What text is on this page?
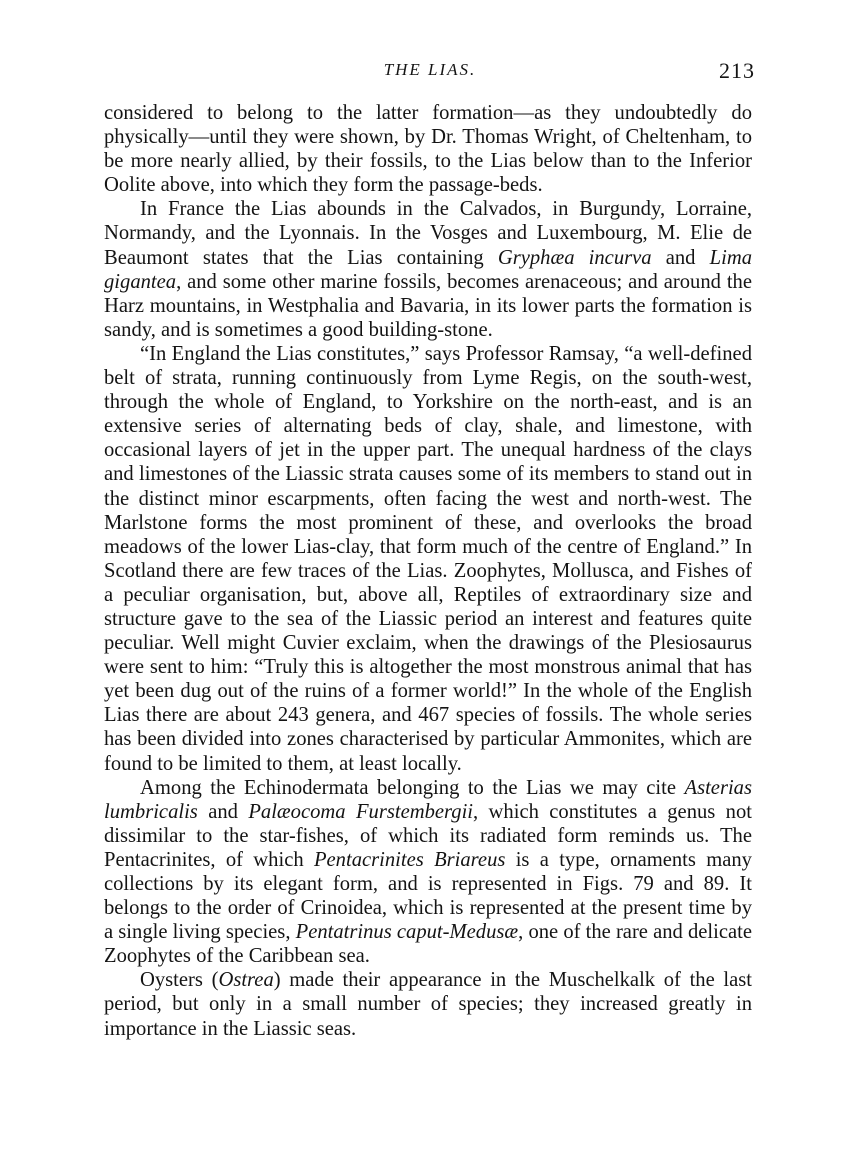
THE LIAS.	213

considered to belong to the latter formation—as they undoubtedly do physically—until they were shown, by Dr. Thomas Wright, of Cheltenham, to be more nearly allied, by their fossils, to the Lias below than to the Inferior Oolite above, into which they form the passage-beds.

In France the Lias abounds in the Calvados, in Burgundy, Lorraine, Normandy, and the Lyonnais. In the Vosges and Luxembourg, M. Elie de Beaumont states that the Lias containing Gryphæa incurva and Lima gigantea, and some other marine fossils, becomes arenaceous; and around the Harz mountains, in Westphalia and Bavaria, in its lower parts the formation is sandy, and is sometimes a good building-stone.

“In England the Lias constitutes,” says Professor Ramsay, “a well-defined belt of strata, running continuously from Lyme Regis, on the south-west, through the whole of England, to Yorkshire on the north-east, and is an extensive series of alternating beds of clay, shale, and limestone, with occasional layers of jet in the upper part. The unequal hardness of the clays and limestones of the Liassic strata causes some of its members to stand out in the distinct minor escarpments, often facing the west and north-west. The Marlstone forms the most prominent of these, and overlooks the broad meadows of the lower Lias-clay, that form much of the centre of England.” In Scotland there are few traces of the Lias. Zoophytes, Mollusca, and Fishes of a peculiar organisation, but, above all, Reptiles of extraordinary size and structure gave to the sea of the Liassic period an interest and features quite peculiar. Well might Cuvier exclaim, when the drawings of the Plesiosaurus were sent to him: “Truly this is altogether the most monstrous animal that has yet been dug out of the ruins of a former world!” In the whole of the English Lias there are about 243 genera, and 467 species of fossils. The whole series has been divided into zones characterised by particular Ammonites, which are found to be limited to them, at least locally.

Among the Echinodermata belonging to the Lias we may cite Asterias lumbricalis and Palæocoma Furstembergii, which constitutes a genus not dissimilar to the star-fishes, of which its radiated form reminds us. The Pentacrinites, of which Pentacrinites Briareus is a type, ornaments many collections by its elegant form, and is represented in Figs. 79 and 89. It belongs to the order of Crinoidea, which is represented at the present time by a single living species, Pentatrinus caput-Medusæ, one of the rare and delicate Zoophytes of the Caribbean sea.

Oysters (Ostrea) made their appearance in the Muschelkalk of the last period, but only in a small number of species; they increased greatly in importance in the Liassic seas.
